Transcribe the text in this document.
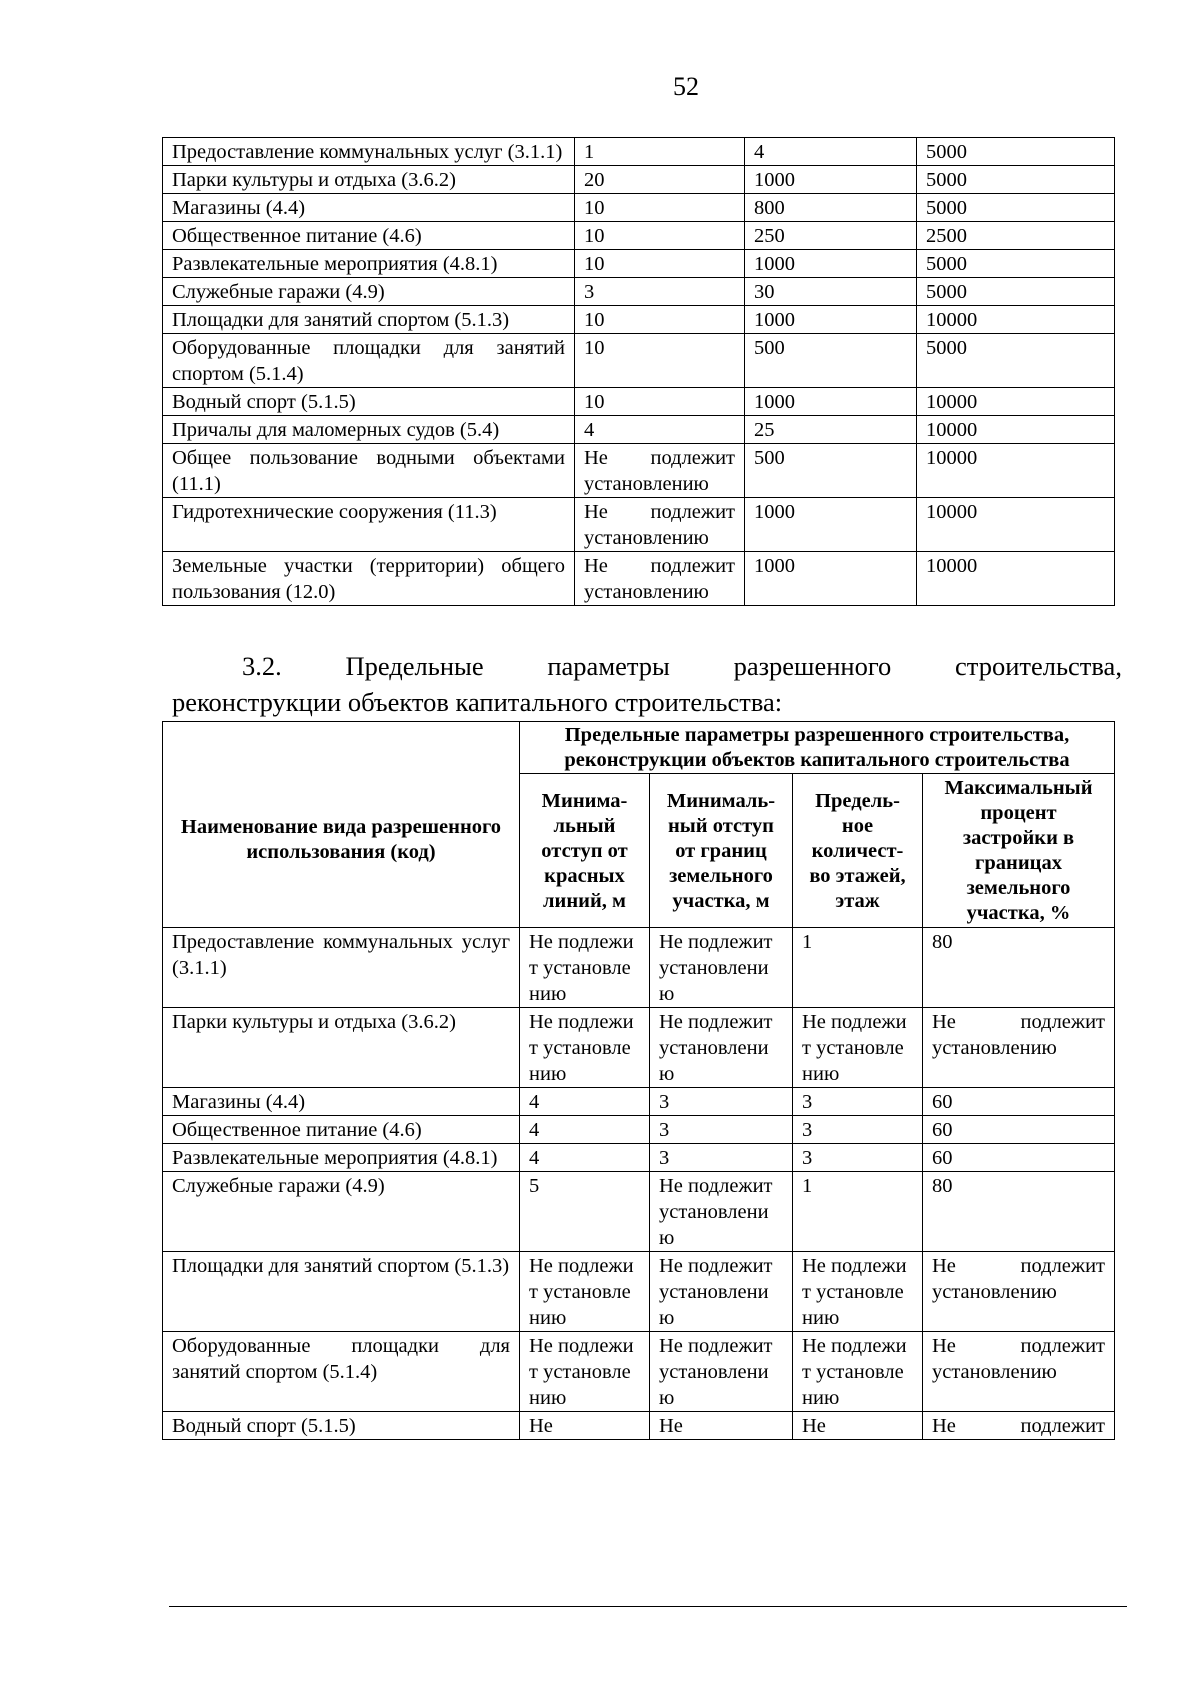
52
Предоставление коммунальных услуг (3.1.1)	1	4	5000
Парки культуры и отдыха (3.6.2)	20	1000	5000
Магазины (4.4)	10	800	5000
Общественное питание (4.6)	10	250	2500
Развлекательные мероприятия (4.8.1)	10	1000	5000
Служебные гаражи (4.9)	3	30	5000
Площадки для занятий спортом (5.1.3)	10	1000	10000
Оборудованные площадки для занятий спортом (5.1.4)	10	500	5000
Водный спорт (5.1.5)	10	1000	10000
Причалы для маломерных судов (5.4)	4	25	10000
Общее пользование водными объектами (11.1)	Не подлежит установлению	500	10000
Гидротехнические сооружения (11.3)	Не подлежит установлению	1000	10000
Земельные участки (территории) общего пользования (12.0)	Не подлежит установлению	1000	10000
3.2. Предельные параметры разрешенного строительства,
реконструкции объектов капитального строительства:
Наименование вида разрешенного использования (код)	Предельные параметры разрешенного строительства, реконструкции объектов капитального строительства			
	Минима-льный отступ от красных линий, м	Минималь-ный отступ от границ земельного участка, м	Предель-ное количест-во этажей, этаж	Максимальный процент застройки в границах земельного участка, %
Предоставление коммунальных услуг (3.1.1)	Не подлежит установлению	Не подлежит установлению	1	80
Парки культуры и отдыха (3.6.2)	Не подлежит установлению	Не подлежит установлению	Не подлежит установлению	Не подлежит установлению
Магазины (4.4)	4	3	3	60
Общественное питание (4.6)	4	3	3	60
Развлекательные мероприятия (4.8.1)	4	3	3	60
Служебные гаражи (4.9)	5	Не подлежит установлению	1	80
Площадки для занятий спортом (5.1.3)	Не подлежит установлению	Не подлежит установлению	Не подлежит установлению	Не подлежит установлению
Оборудованные площадки для занятий спортом (5.1.4)	Не подлежит установлению	Не подлежит установлению	Не подлежит установлению	Не подлежит установлению
Водный спорт (5.1.5)	Не	Не	Не	Не подлежит
